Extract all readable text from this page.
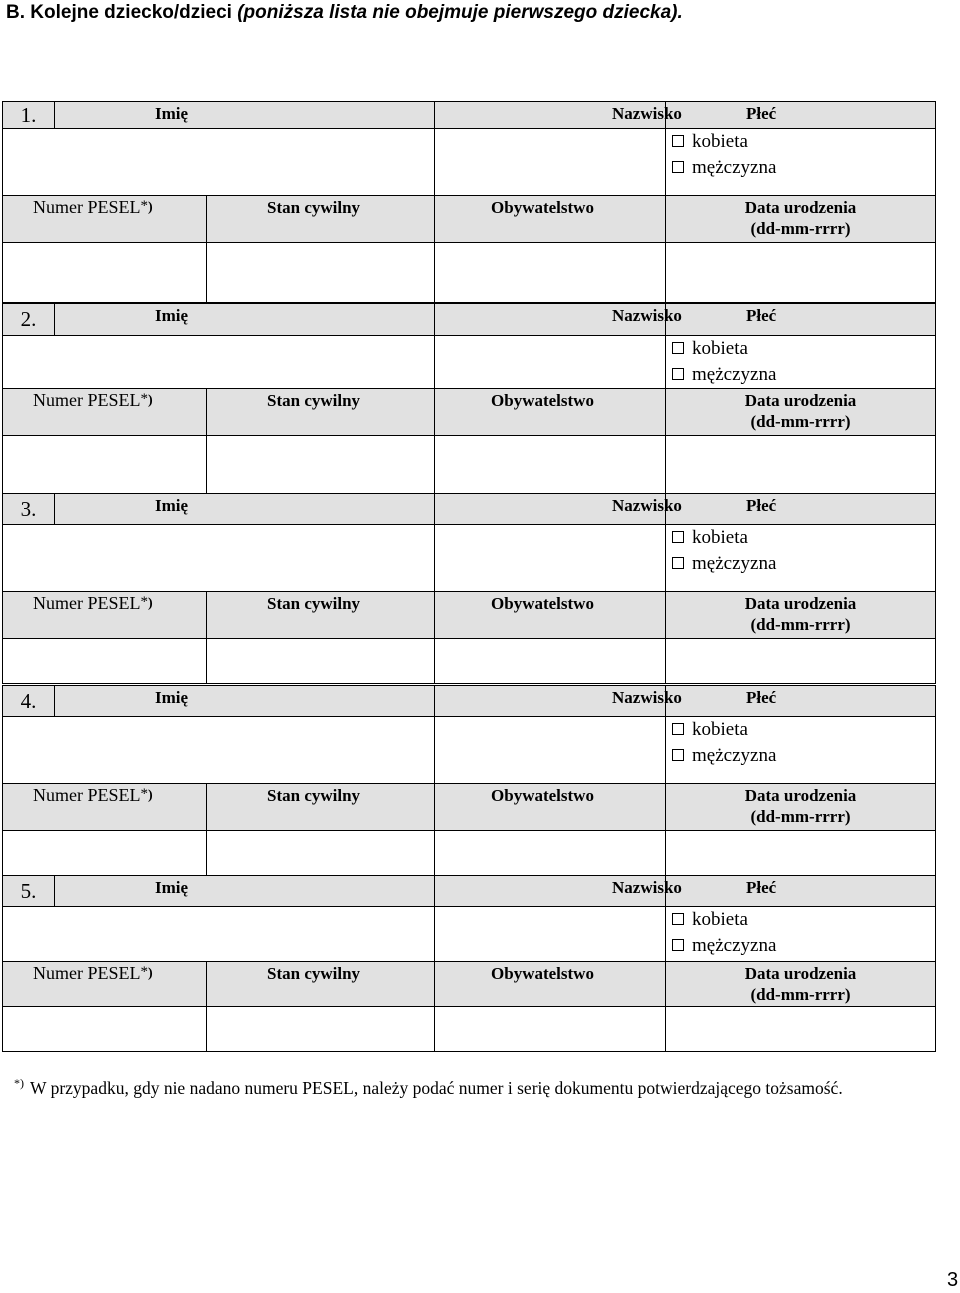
B. Kolejne dziecko/dzieci (poniższa lista nie obejmuje pierwszego dziecka).
1.	Imię		Nazwisko	Płeć

				kobieta
mężczyzna

Numer PESEL*)		Stan cywilny	Obywatelstwo	Data urodzenia
(dd-mm-rrrr)

2.	Imię		Nazwisko	Płeć

				kobieta
mężczyzna

Numer PESEL*)		Stan cywilny	Obywatelstwo	Data urodzenia
(dd-mm-rrrr)

3.	Imię		Nazwisko	Płeć

				kobieta
mężczyzna

Numer PESEL*)		Stan cywilny	Obywatelstwo	Data urodzenia
(dd-mm-rrrr)

4.	Imię		Nazwisko	Płeć

				kobieta
mężczyzna

Numer PESEL*)		Stan cywilny	Obywatelstwo	Data urodzenia
(dd-mm-rrrr)

5.	Imię		Nazwisko	Płeć

				kobieta
mężczyzna

Numer PESEL*)		Stan cywilny	Obywatelstwo	Data urodzenia
(dd-mm-rrrr)

*) W przypadku, gdy nie nadano numeru PESEL, należy podać numer i serię dokumentu potwierdzającego tożsamość.
3
